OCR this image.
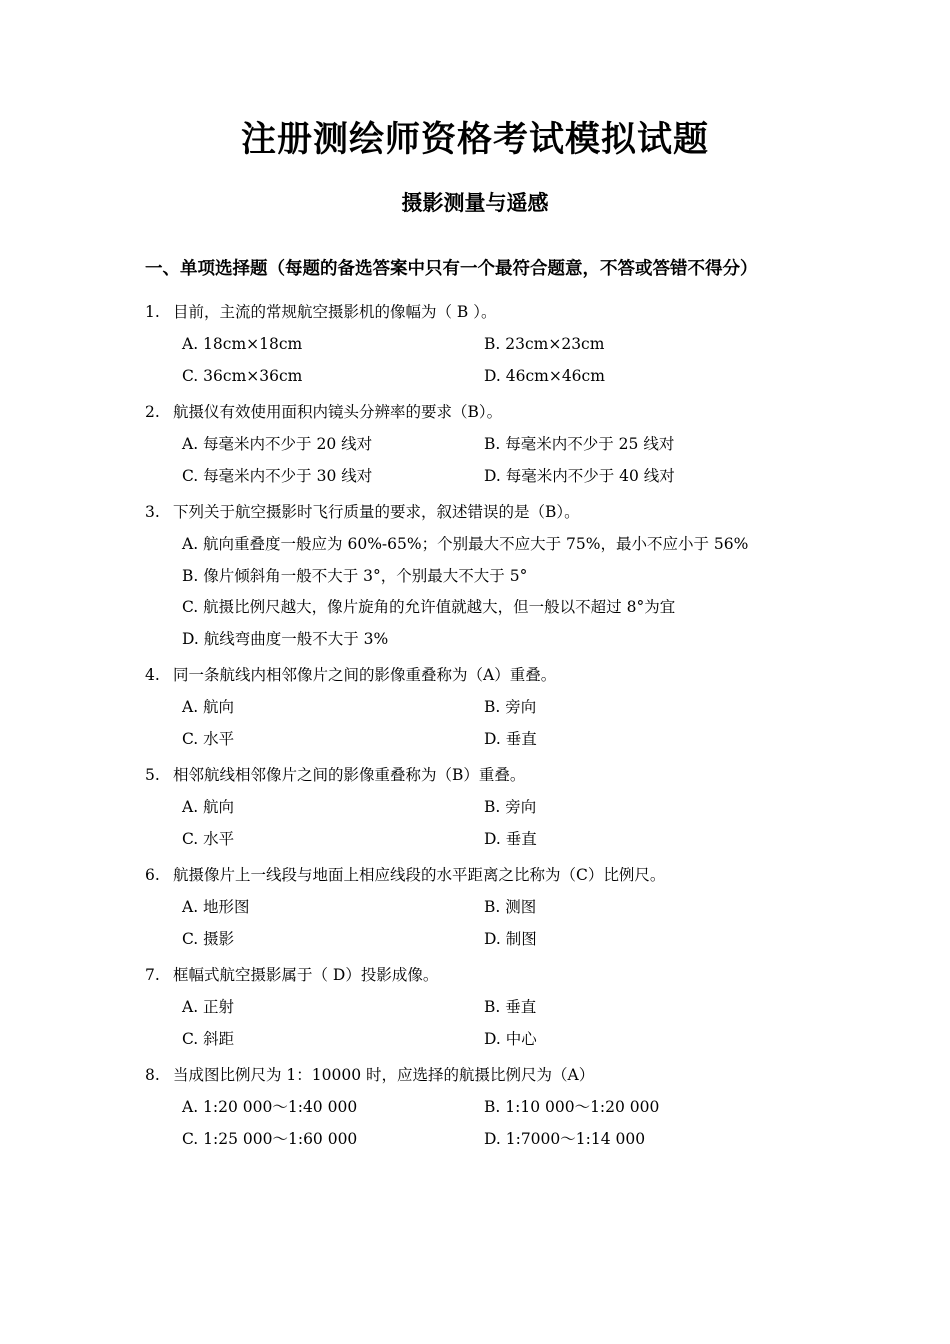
注册测绘师资格考试模拟试题
摄影测量与遥感
一、单项选择题（每题的备选答案中只有一个最符合题意，不答或答错不得分）
1. 目前，主流的常规航空摄影机的像幅为（ B ）。
A. 18cm×18cm	B. 23cm×23cm
C. 36cm×36cm	D. 46cm×46cm
2. 航摄仪有效使用面积内镜头分辨率的要求（B）。
A. 每毫米内不少于 20 线对	B. 每毫米内不少于 25 线对
C. 每毫米内不少于 30 线对	D. 每毫米内不少于 40 线对
3. 下列关于航空摄影时飞行质量的要求，叙述错误的是（B）。
A. 航向重叠度一般应为 60%-65%；个别最大不应大于 75%，最小不应小于 56%
B. 像片倾斜角一般不大于 3°，个别最大不大于 5°
C. 航摄比例尺越大，像片旋角的允许值就越大，但一般以不超过 8°为宜
D. 航线弯曲度一般不大于 3%
4. 同一条航线内相邻像片之间的影像重叠称为（A）重叠。
A. 航向	B. 旁向
C. 水平	D. 垂直
5. 相邻航线相邻像片之间的影像重叠称为（B）重叠。
A. 航向	B. 旁向
C. 水平	D. 垂直
6. 航摄像片上一线段与地面上相应线段的水平距离之比称为（C）比例尺。
A. 地形图	B. 测图
C. 摄影	D. 制图
7. 框幅式航空摄影属于（ D）投影成像。
A. 正射	B. 垂直
C. 斜距	D. 中心
8. 当成图比例尺为 1：10000 时，应选择的航摄比例尺为（A）
A. 1:20 000～1:40 000	B. 1:10 000～1:20 000
C. 1:25 000～1:60 000	D. 1:7000～1:14 000
